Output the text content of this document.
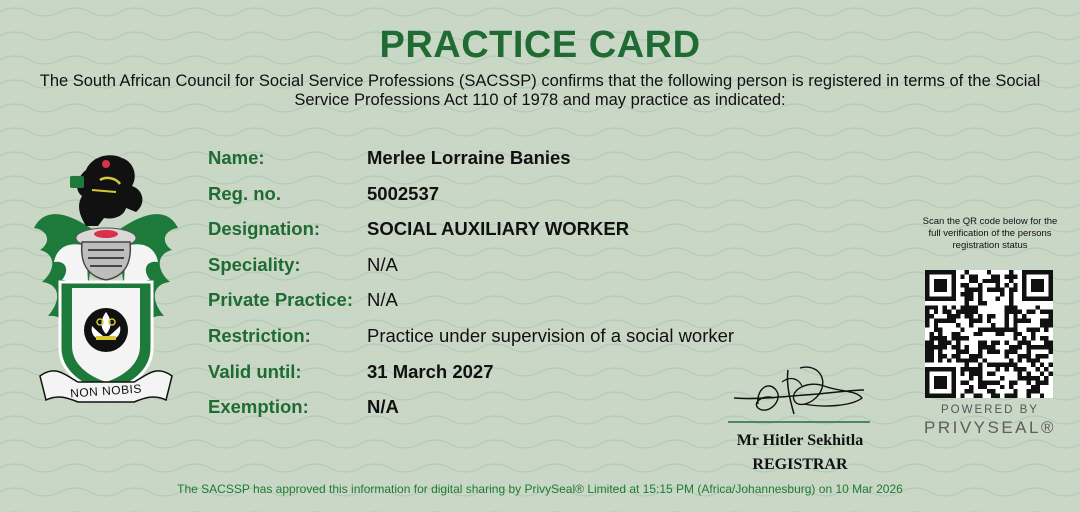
PRACTICE CARD
The South African Council for Social Service Professions (SACSSP) confirms that the following person is registered in terms of the Social Service Professions Act 110 of 1978 and may practice as indicated:
NON NOBIS
Name:	Merlee Lorraine Banies
Reg. no.	5002537
Designation:	SOCIAL AUXILIARY WORKER
Speciality:	N/A
Private Practice: N/A
Restriction:	Practice under supervision of a social worker
Valid until:	31 March 2027
Exemption:	N/A
Mr Hitler Sekhitla
REGISTRAR
Scan the QR code below for the full verification of the persons registration status
POWERED BY
PRIVYSEAL®
The SACSSP has approved this information for digital sharing by PrivySeal® Limited at 15:15 PM (Africa/Johannesburg) on 10 Mar 2026
